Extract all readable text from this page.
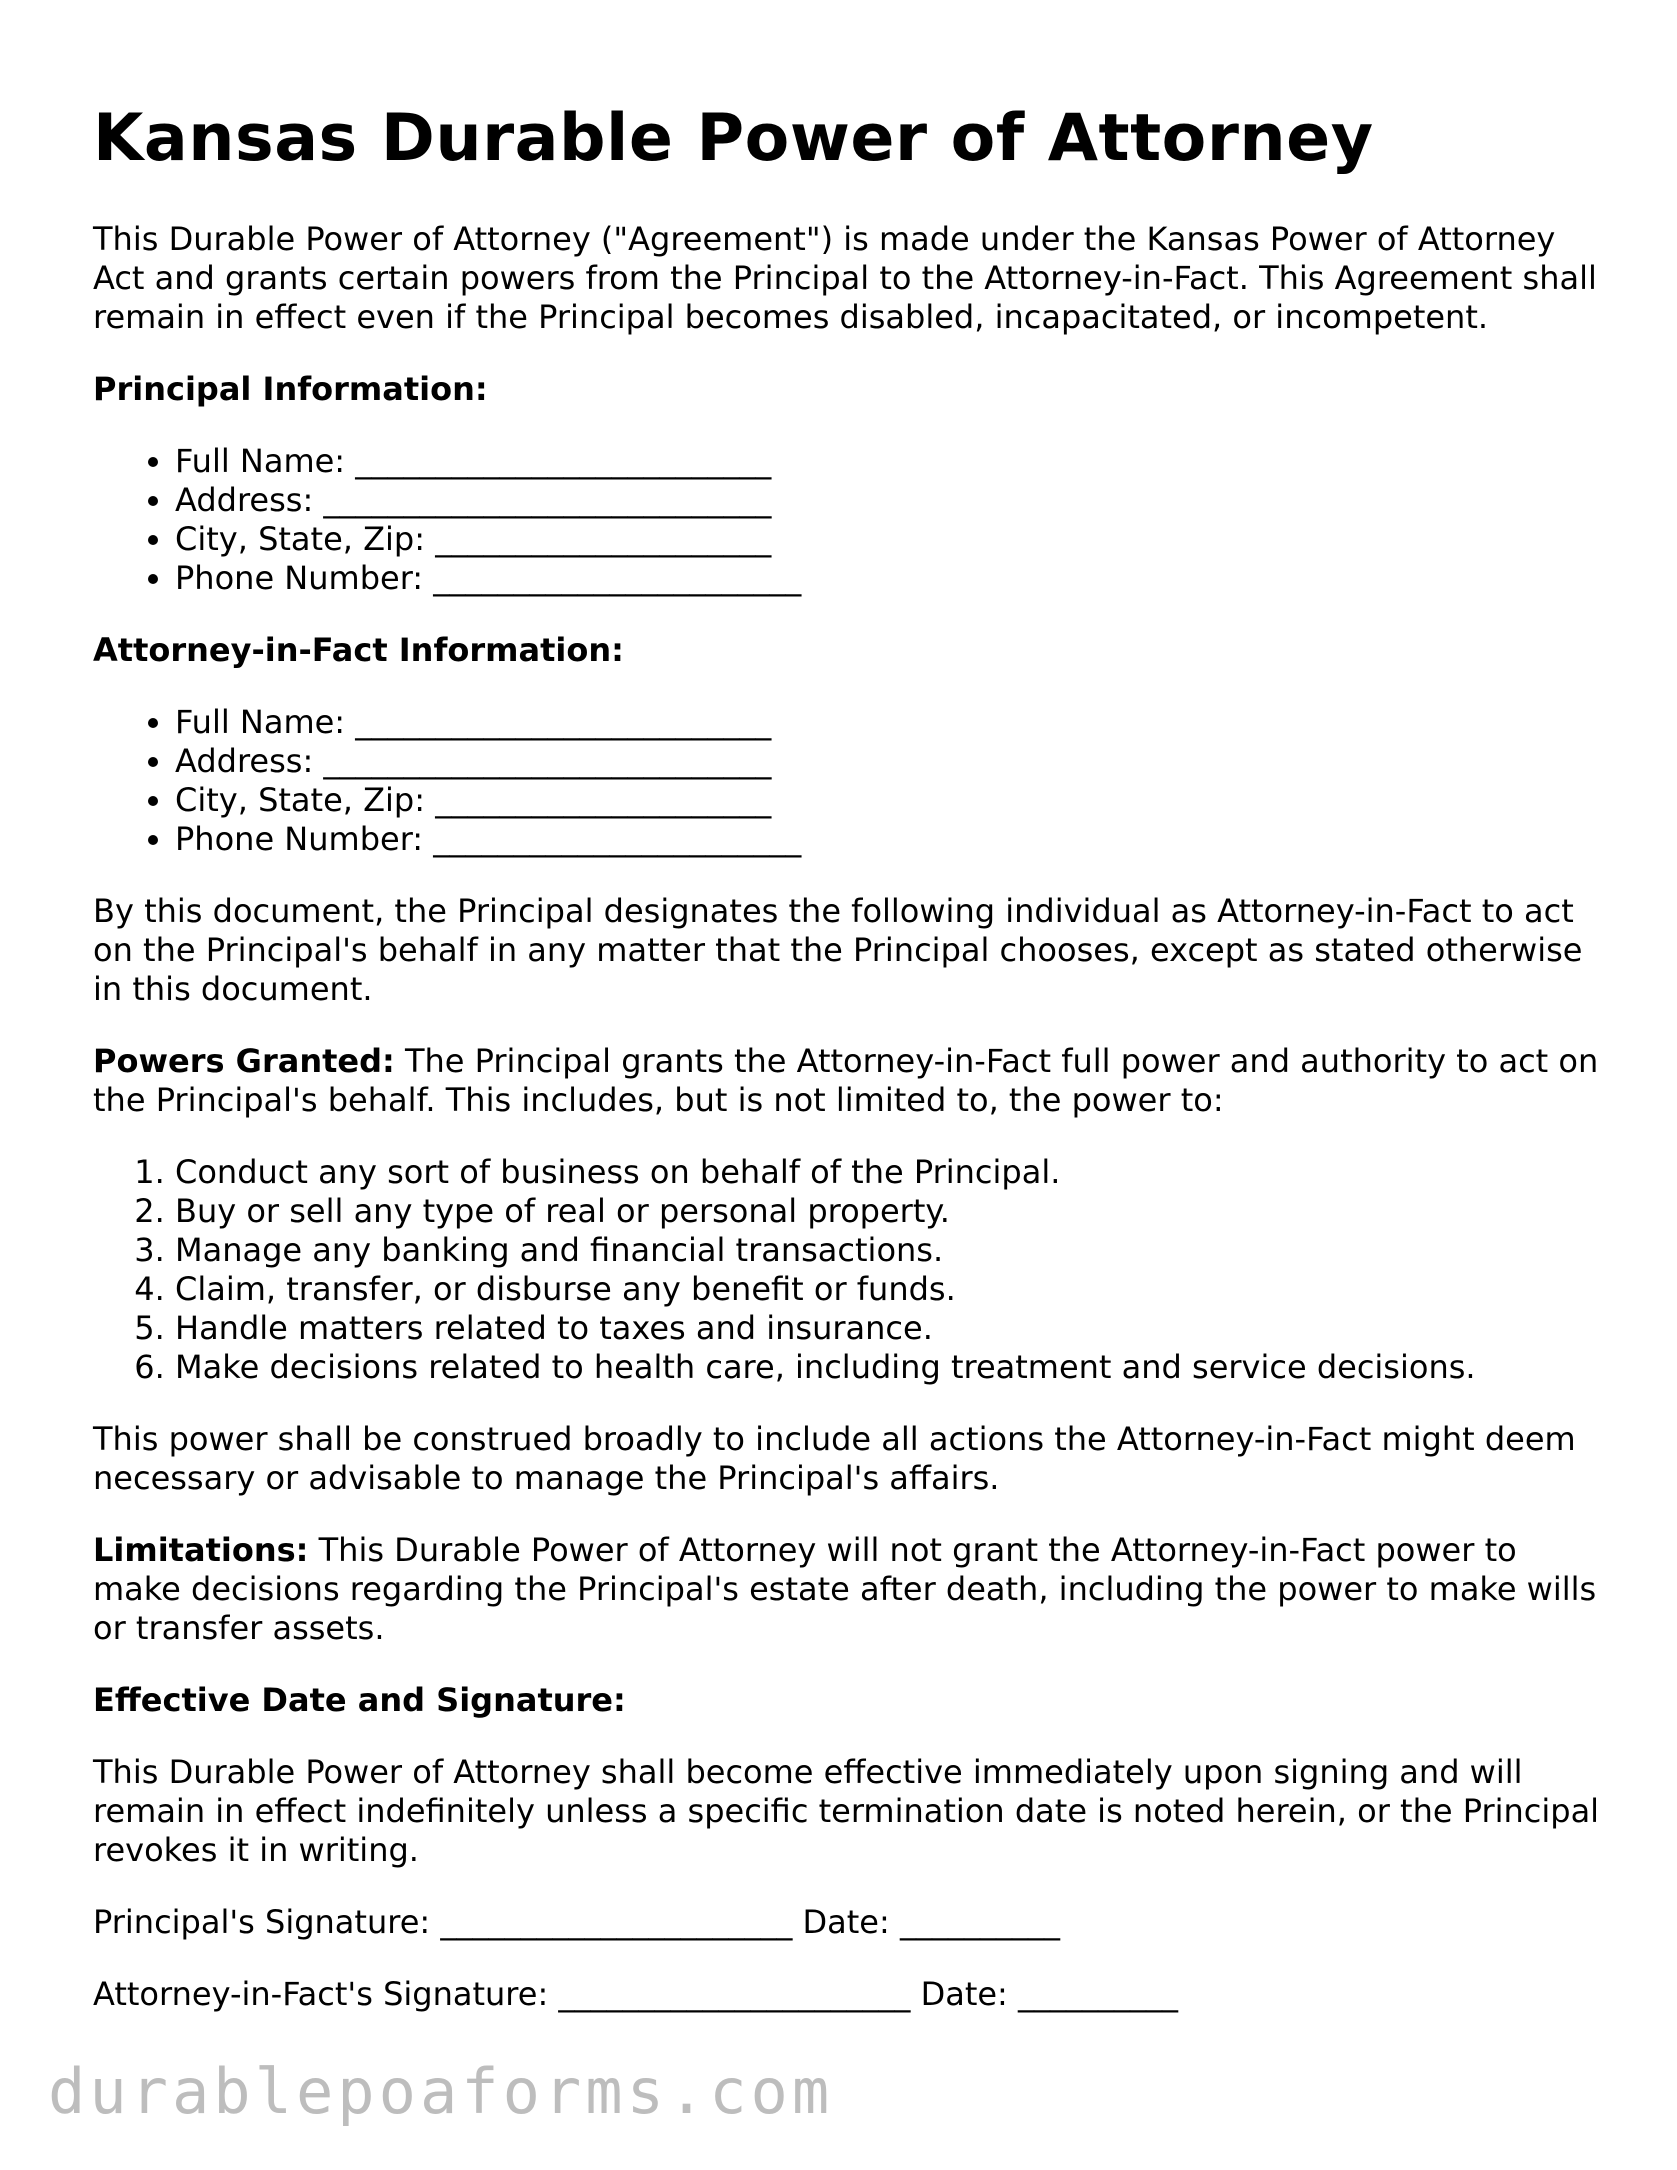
Kansas Durable Power of Attorney

This Durable Power of Attorney ("Agreement") is made under the Kansas Power of Attorney Act and grants certain powers from the Principal to the Attorney-in-Fact. This Agreement shall remain in effect even if the Principal becomes disabled, incapacitated, or incompetent.

Principal Information:
• Full Name: __________________________
• Address: ____________________________
• City, State, Zip: _____________________
• Phone Number: _______________________
Attorney-in-Fact Information:
• Full Name: __________________________
• Address: ____________________________
• City, State, Zip: _____________________
• Phone Number: _______________________

By this document, the Principal designates the following individual as Attorney-in-Fact to act on the Principal's behalf in any matter that the Principal chooses, except as stated otherwise in this document.

Powers Granted: The Principal grants the Attorney-in-Fact full power and authority to act on the Principal's behalf. This includes, but is not limited to, the power to:

1. Conduct any sort of business on behalf of the Principal.
2. Buy or sell any type of real or personal property.
3. Manage any banking and financial transactions.
4. Claim, transfer, or disburse any benefit or funds.
5. Handle matters related to taxes and insurance.
6. Make decisions related to health care, including treatment and service decisions.

This power shall be construed broadly to include all actions the Attorney-in-Fact might deem necessary or advisable to manage the Principal's affairs.

Limitations: This Durable Power of Attorney will not grant the Attorney-in-Fact power to make decisions regarding the Principal's estate after death, including the power to make wills or transfer assets.

Effective Date and Signature:

This Durable Power of Attorney shall become effective immediately upon signing and will remain in effect indefinitely unless a specific termination date is noted herein, or the Principal revokes it in writing.

Principal's Signature: ______________________ Date: __________

Attorney-in-Fact's Signature: ______________________ Date: __________

durablepoaforms.com
